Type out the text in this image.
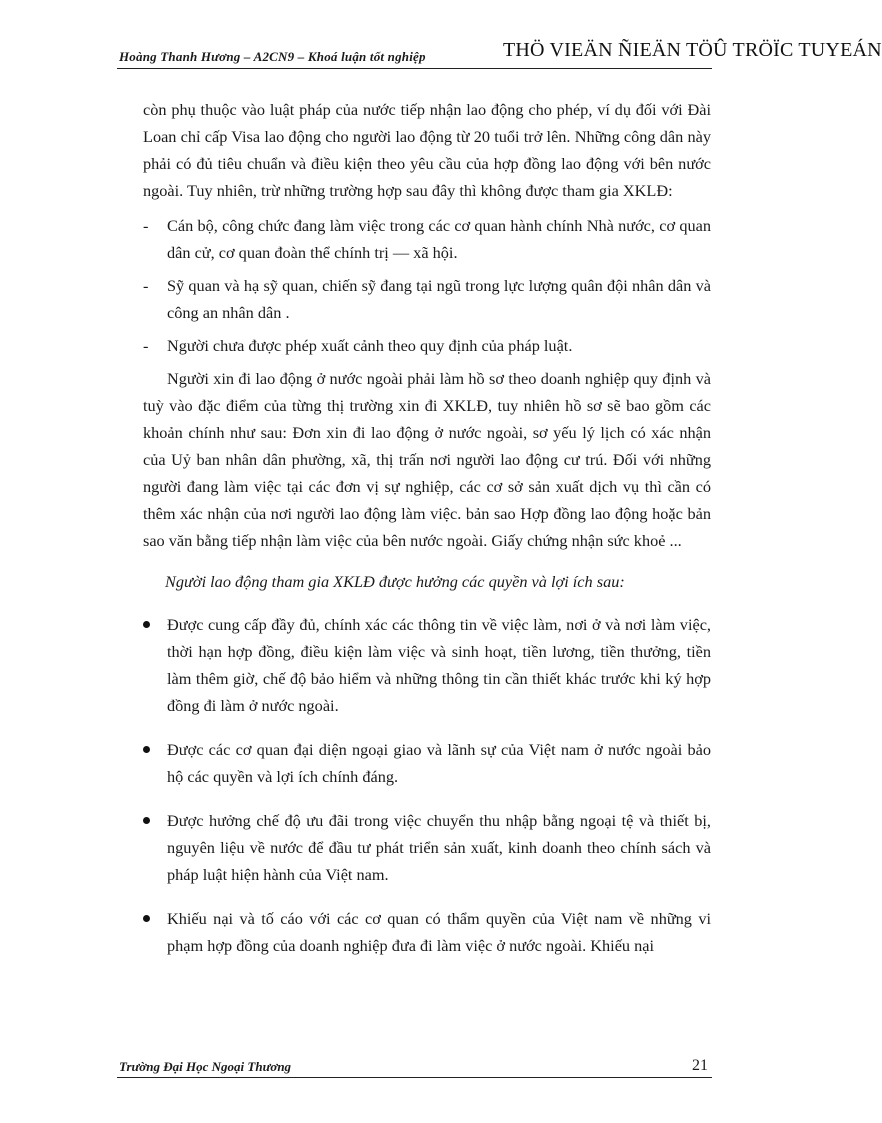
Hoàng Thanh Hương – A2CN9 – Khoá luận tốt nghiệp	THÖ VIEÄN ÑIEÄN TÖÛ TRÖÏC TUYEÁN

còn phụ thuộc vào luật pháp của nước tiếp nhận lao động cho phép, ví dụ đối với Đài Loan chỉ cấp Visa lao động cho người lao động từ 20 tuổi trở lên. Những công dân này phải có đủ tiêu chuẩn và điều kiện theo yêu cầu của hợp đồng lao động với bên nước ngoài. Tuy nhiên, trừ những trường hợp sau đây thì không được tham gia XKLĐ:

- Cán bộ, công chức đang làm việc trong các cơ quan hành chính Nhà nước, cơ quan dân cử, cơ quan đoàn thể chính trị — xã hội.
- Sỹ quan và hạ sỹ quan, chiến sỹ đang tại ngũ trong lực lượng quân đội nhân dân và công an nhân dân .
- Người chưa được phép xuất cảnh theo quy định của pháp luật.

Người xin đi lao động ở nước ngoài phải làm hồ sơ theo doanh nghiệp quy định và tuỳ vào đặc điểm của từng thị trường xin đi XKLĐ, tuy nhiên hồ sơ sẽ bao gồm các khoản chính như sau: Đơn xin đi lao động ở nước ngoài, sơ yếu lý lịch có xác nhận của Uỷ ban nhân dân phường, xã, thị trấn nơi người lao động cư trú. Đối với những người đang làm việc tại các đơn vị sự nghiệp, các cơ sở sản xuất dịch vụ thì cần có thêm xác nhận của nơi người lao động làm việc. bản sao Hợp đồng lao động hoặc bản sao văn bằng tiếp nhận làm việc của bên nước ngoài. Giấy chứng nhận sức khoẻ ...

Người lao động tham gia XKLĐ được hưởng các quyền và lợi ích sau:

Được cung cấp đầy đủ, chính xác các thông tin về việc làm, nơi ở và nơi làm việc, thời hạn hợp đồng, điều kiện làm việc và sinh hoạt, tiền lương, tiền thưởng, tiền làm thêm giờ, chế độ bảo hiểm và những thông tin cần thiết khác trước khi ký hợp đồng đi làm ở nước ngoài.
Được các cơ quan đại diện ngoại giao và lãnh sự của Việt nam ở nước ngoài bảo hộ các quyền và lợi ích chính đáng.
Được hưởng chế độ ưu đãi trong việc chuyển thu nhập bằng ngoại tệ và thiết bị, nguyên liệu về nước để đầu tư phát triển sản xuất, kinh doanh theo chính sách và pháp luật hiện hành của Việt nam.
Khiếu nại và tố cáo với các cơ quan có thẩm quyền của Việt nam về những vi phạm hợp đồng của doanh nghiệp đưa đi làm việc ở nước ngoài. Khiếu nại
Trường Đại Học Ngoại Thương	21
